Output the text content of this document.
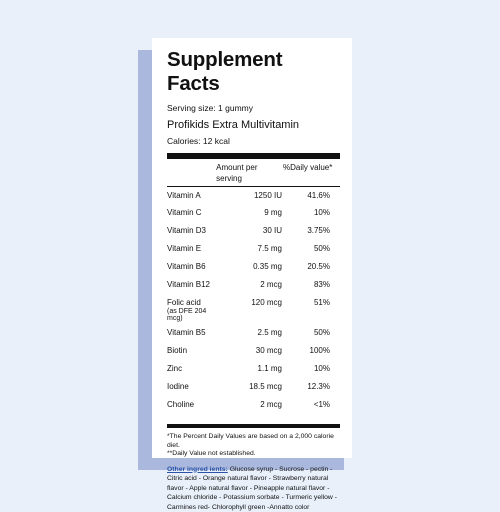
Supplement Facts
Serving size: 1 gummy
Profikids Extra Multivitamin
Calories: 12 kcal
Amount per serving
%Daily value*
Vitamin A	1250 IU	41.6%
Vitamin C	9 mg	10%
Vitamin D3	30 IU	3.75%
Vitamin E	7.5 mg	50%
Vitamin B6	0.35 mg	20.5%
Vitamin B12	2 mcg	83%
Folic acid
(as DFE 204 mcg)
120 mcg	51%
Vitamin B5	2.5 mg	50%
Biotin	30 mcg	100%
Zinc	1.1 mg	10%
Iodine	18.5 mcg	12.3%
Choline	2 mcg	<1%
*The Percent Daily Values are based on a 2,000 calorie diet.
**Daily Value not established.
Other ingred ients: Glucose syrup - Sucrose - pectin - Citric acid - Orange natural flavor - Strawberry natural flavor - Apple natural flavor - Pineapple natural flavor - Calcium chloride - Potassium sorbate - Turmeric yellow - Carmines red- Chlorophyll green -Annatto color
